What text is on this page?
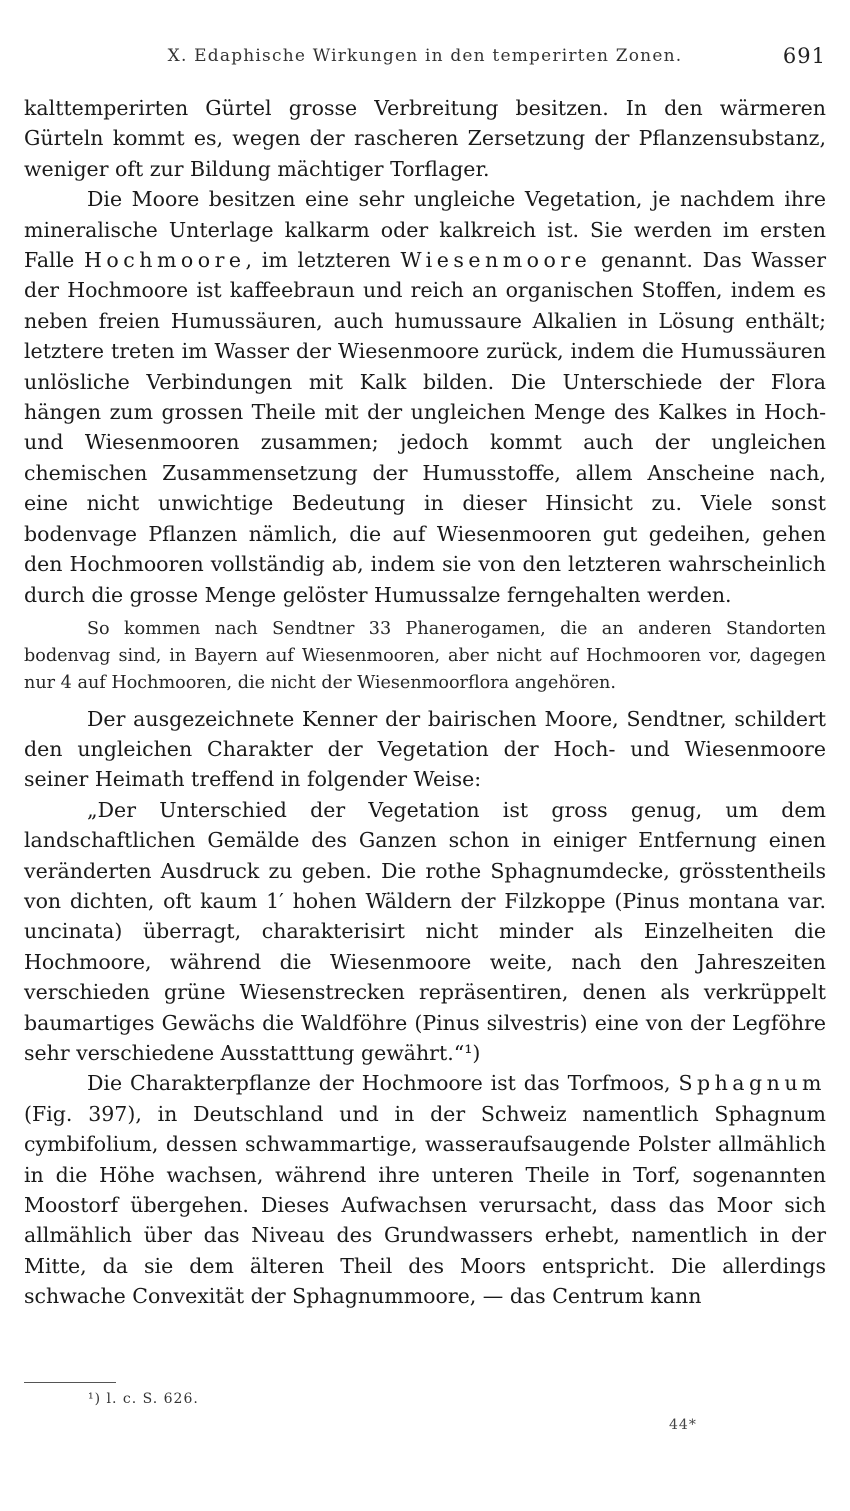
X. Edaphische Wirkungen in den temperirten Zonen.	691

kalttemperirten Gürtel grosse Verbreitung besitzen. In den wärmeren Gürteln kommt es, wegen der rascheren Zersetzung der Pflanzensubstanz, weniger oft zur Bildung mächtiger Torflager.

Die Moore besitzen eine sehr ungleiche Vegetation, je nachdem ihre mineralische Unterlage kalkarm oder kalkreich ist. Sie werden im ersten Falle Hochmoore, im letzteren Wiesenmoore genannt. Das Wasser der Hochmoore ist kaffeebraun und reich an organischen Stoffen, indem es neben freien Humussäuren, auch humussaure Alkalien in Lösung enthält; letztere treten im Wasser der Wiesenmoore zurück, indem die Humussäuren unlösliche Verbindungen mit Kalk bilden. Die Unterschiede der Flora hängen zum grossen Theile mit der ungleichen Menge des Kalkes in Hoch- und Wiesenmooren zusammen; jedoch kommt auch der ungleichen chemischen Zusammensetzung der Humusstoffe, allem Anscheine nach, eine nicht unwichtige Bedeutung in dieser Hinsicht zu. Viele sonst bodenvage Pflanzen nämlich, die auf Wiesenmooren gut gedeihen, gehen den Hochmooren vollständig ab, indem sie von den letzteren wahrscheinlich durch die grosse Menge gelöster Humussalze ferngehalten werden.

So kommen nach Sendtner 33 Phanerogamen, die an anderen Standorten bodenvag sind, in Bayern auf Wiesenmooren, aber nicht auf Hochmooren vor, dagegen nur 4 auf Hochmooren, die nicht der Wiesenmoorflora angehören.

Der ausgezeichnete Kenner der bairischen Moore, Sendtner, schildert den ungleichen Charakter der Vegetation der Hoch- und Wiesenmoore seiner Heimath treffend in folgender Weise:

„Der Unterschied der Vegetation ist gross genug, um dem landschaftlichen Gemälde des Ganzen schon in einiger Entfernung einen veränderten Ausdruck zu geben. Die rothe Sphagnumdecke, grösstentheils von dichten, oft kaum 1′ hohen Wäldern der Filzkoppe (Pinus montana var. uncinata) überragt, charakterisirt nicht minder als Einzelheiten die Hochmoore, während die Wiesenmoore weite, nach den Jahreszeiten verschieden grüne Wiesenstrecken repräsentiren, denen als verkrüppelt baumartiges Gewächs die Waldföhre (Pinus silvestris) eine von der Legföhre sehr verschiedene Ausstatttung gewährt.“¹)

Die Charakterpflanze der Hochmoore ist das Torfmoos, Sphagnum (Fig. 397), in Deutschland und in der Schweiz namentlich Sphagnum cymbifolium, dessen schwammartige, wasseraufsaugende Polster allmählich in die Höhe wachsen, während ihre unteren Theile in Torf, sogenannten Moostorf übergehen. Dieses Aufwachsen verursacht, dass das Moor sich allmählich über das Niveau des Grundwassers erhebt, namentlich in der Mitte, da sie dem älteren Theil des Moors entspricht. Die allerdings schwache Convexität der Sphagnummoore, — das Centrum kann

¹) l. c. S. 626.
44*
